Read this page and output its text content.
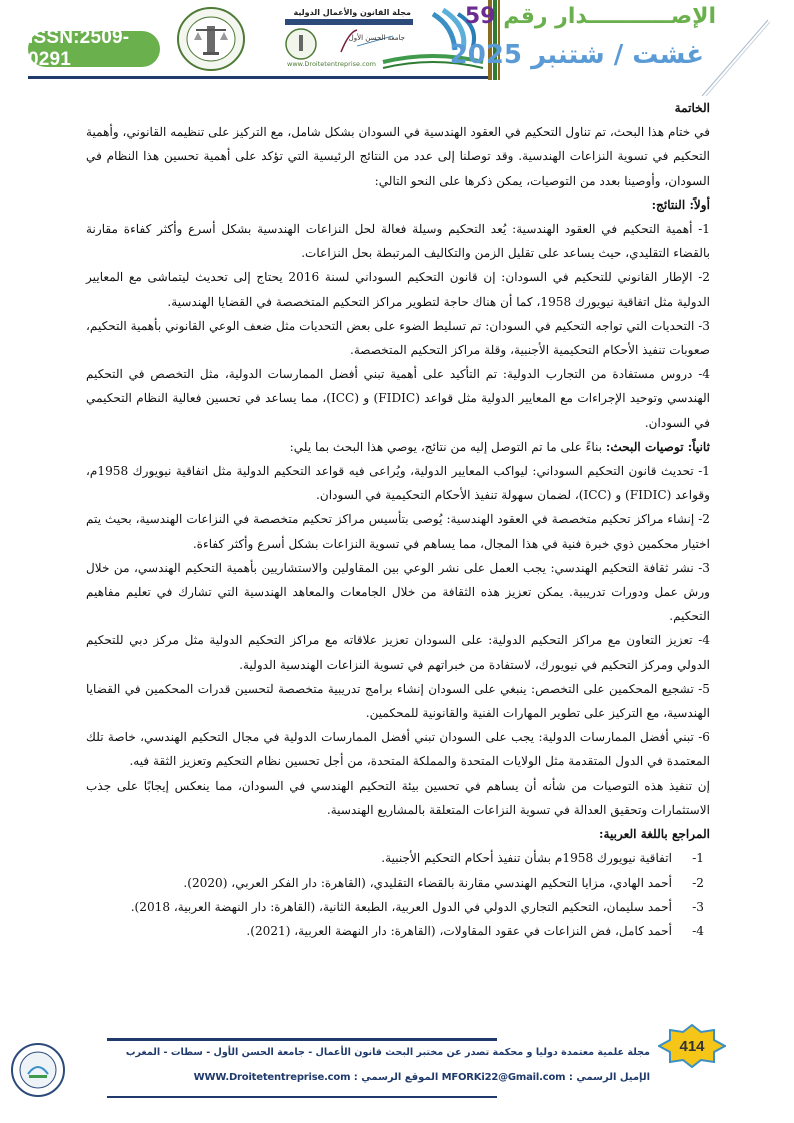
ISSN:2509-0291
جامعة الحسن الأول
www.Droitetentreprise.com
مجلة القانون والأعمال الدولية	الإصـــــــــــدار رقم 59
غشت / شتنبر 2025

الخاتمة

في ختام هذا البحث، تم تناول التحكيم في العقود الهندسية في السودان بشكل شامل، مع التركيز على تنظيمه القانوني، وأهمية التحكيم في تسوية النزاعات الهندسية. وقد توصلنا إلى عدد من النتائج الرئيسية التي تؤكد على أهمية تحسين هذا النظام في السودان، وأوصينا بعدد من التوصيات، يمكن ذكرها على النحو التالي:

أولاً: النتائج:

1- أهمية التحكيم في العقود الهندسية: يُعد التحكيم وسيلة فعالة لحل النزاعات الهندسية بشكل أسرع وأكثر كفاءة مقارنة بالقضاء التقليدي، حيث يساعد على تقليل الزمن والتكاليف المرتبطة بحل النزاعات.

2- الإطار القانوني للتحكيم في السودان: إن قانون التحكيم السوداني لسنة 2016 يحتاج إلى تحديث ليتماشى مع المعايير الدولية مثل اتفاقية نيويورك 1958، كما أن هناك حاجة لتطوير مراكز التحكيم المتخصصة في القضايا الهندسية.

3- التحديات التي تواجه التحكيم في السودان: تم تسليط الضوء على بعض التحديات مثل ضعف الوعي القانوني بأهمية التحكيم، صعوبات تنفيذ الأحكام التحكيمية الأجنبية، وقلة مراكز التحكيم المتخصصة.

4- دروس مستفادة من التجارب الدولية: تم التأكيد على أهمية تبني أفضل الممارسات الدولية، مثل التخصص في التحكيم الهندسي وتوحيد الإجراءات مع المعايير الدولية مثل قواعد (FIDIC) و (ICC)، مما يساعد في تحسين فعالية النظام التحكيمي في السودان.

ثانياً: توصيات البحث: بناءً على ما تم التوصل إليه من نتائج، يوصي هذا البحث بما يلي:

1- تحديث قانون التحكيم السوداني: ليواكب المعايير الدولية، ويُراعى فيه قواعد التحكيم الدولية مثل اتفاقية نيويورك 1958م، وقواعد (FIDIC) و (ICC)، لضمان سهولة تنفيذ الأحكام التحكيمية في السودان.

2- إنشاء مراكز تحكيم متخصصة في العقود الهندسية: يُوصى بتأسيس مراكز تحكيم متخصصة في النزاعات الهندسية، بحيث يتم اختيار محكمين ذوي خبرة فنية في هذا المجال، مما يساهم في تسوية النزاعات بشكل أسرع وأكثر كفاءة.

3- نشر ثقافة التحكيم الهندسي: يجب العمل على نشر الوعي بين المقاولين والاستشاريين بأهمية التحكيم الهندسي، من خلال ورش عمل ودورات تدريبية. يمكن تعزيز هذه الثقافة من خلال الجامعات والمعاهد الهندسية التي تشارك في تعليم مفاهيم التحكيم.

4- تعزيز التعاون مع مراكز التحكيم الدولية: على السودان تعزيز علاقاته مع مراكز التحكيم الدولية مثل مركز دبي للتحكيم الدولي ومركز التحكيم في نيويورك، لاستفادة من خبراتهم في تسوية النزاعات الهندسية الدولية.

5- تشجيع المحكمين على التخصص: ينبغي على السودان إنشاء برامج تدريبية متخصصة لتحسين قدرات المحكمين في القضايا الهندسية، مع التركيز على تطوير المهارات الفنية والقانونية للمحكمين.

6- تبني أفضل الممارسات الدولية: يجب على السودان تبني أفضل الممارسات الدولية في مجال التحكيم الهندسي، خاصة تلك المعتمدة في الدول المتقدمة مثل الولايات المتحدة والمملكة المتحدة، من أجل تحسين نظام التحكيم وتعزيز الثقة فيه.

إن تنفيذ هذه التوصيات من شأنه أن يساهم في تحسين بيئة التحكيم الهندسي في السودان، مما ينعكس إيجابًا على جذب الاستثمارات وتحقيق العدالة في تسوية النزاعات المتعلقة بالمشاريع الهندسية.

المراجع باللغة العربية:

1-
اتفاقية نيويورك 1958م بشأن تنفيذ أحكام التحكيم الأجنبية.
2-
أحمد الهادي، مزايا التحكيم الهندسي مقارنة بالقضاء التقليدي، (القاهرة: دار الفكر العربي، (2020).
3-
أحمد سليمان، التحكيم التجاري الدولي في الدول العربية، الطبعة الثانية، (القاهرة: دار النهضة العربية، 2018).
4-
أحمد كامل، فض النزاعات في عقود المقاولات، (القاهرة: دار النهضة العربية، (2021).
مجلة علمية معتمدة دوليا و محكمة تصدر عن مختبر البحث قانون الأعمال - جامعة الحسن الأول - سطات - المغرب
الإميل الرسمي : MFORKi22@Gmail.com الموقع الرسمي : WWW.Droitetentreprise.com
414
